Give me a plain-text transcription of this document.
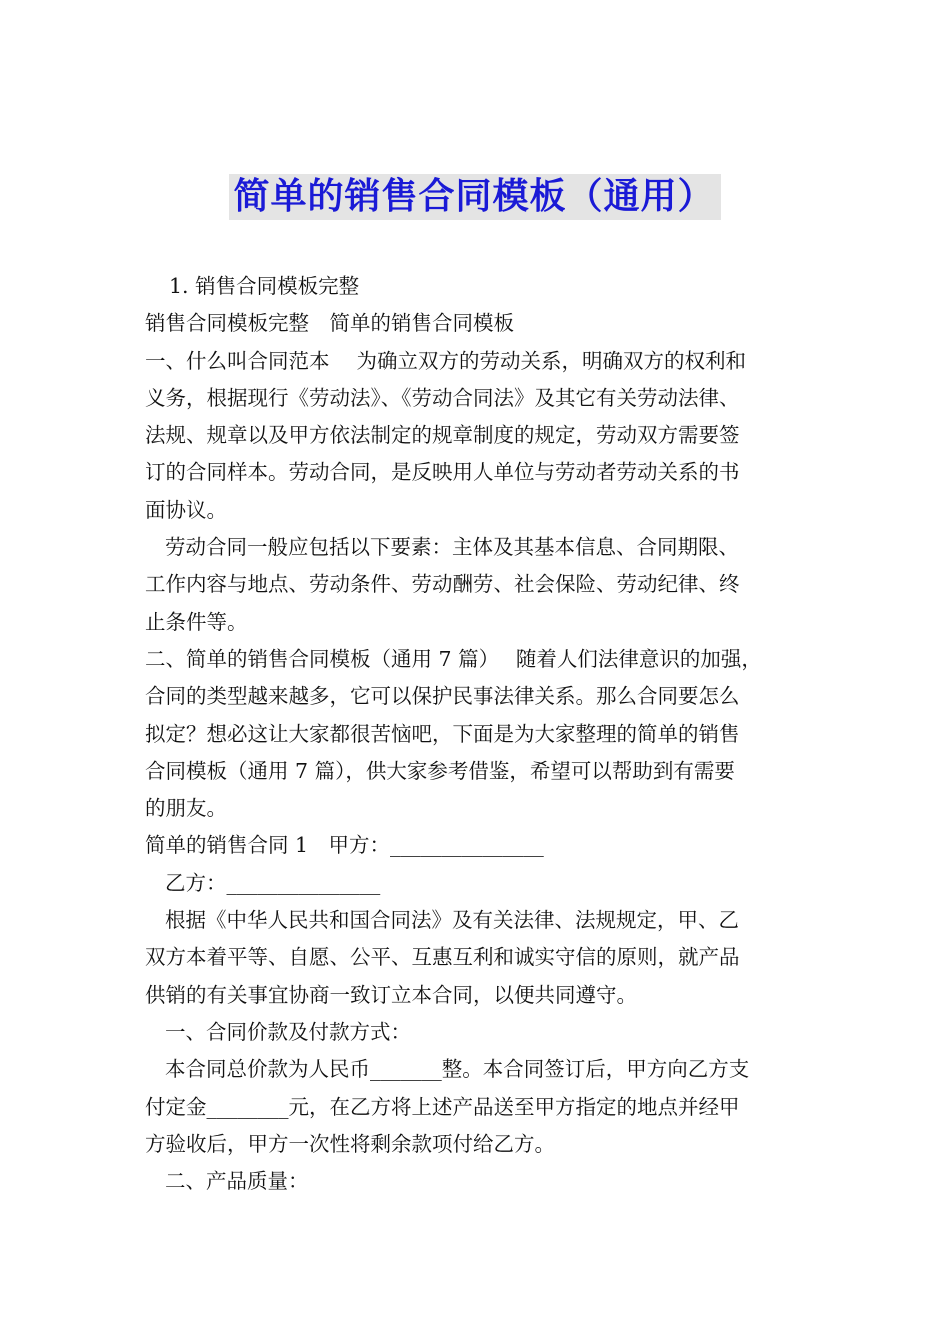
简单的销售合同模板（通用）
1. 销售合同模板完整
销售合同模板完整　简单的销售合同模板
一、什么叫合同范本　 为确立双方的劳动关系，明确双方的权利和
义务，根据现行《劳动法》、《劳动合同法》及其它有关劳动法律、
法规、规章以及甲方依法制定的规章制度的规定，劳动双方需要签
订的合同样本。劳动合同，是反映用人单位与劳动者劳动关系的书
面协议。
劳动合同一般应包括以下要素：主体及其基本信息、合同期限、
工作内容与地点、劳动条件、劳动酬劳、社会保险、劳动纪律、终
止条件等。
二、简单的销售合同模板（通用 7 篇）　 随着人们法律意识的加强，
合同的类型越来越多，它可以保护民事法律关系。那么合同要怎么
拟定？想必这让大家都很苦恼吧，下面是为大家整理的简单的销售
合同模板（通用 7 篇），供大家参考借鉴，希望可以帮助到有需要
的朋友。
简单的销售合同 1　甲方：_______________
乙方：_______________
根据《中华人民共和国合同法》及有关法律、法规规定，甲、乙
双方本着平等、自愿、公平、互惠互利和诚实守信的原则，就产品
供销的有关事宜协商一致订立本合同，以便共同遵守。
一、合同价款及付款方式：
本合同总价款为人民币_______整。本合同签订后，甲方向乙方支
付定金________元，在乙方将上述产品送至甲方指定的地点并经甲
方验收后，甲方一次性将剩余款项付给乙方。
二、产品质量：
